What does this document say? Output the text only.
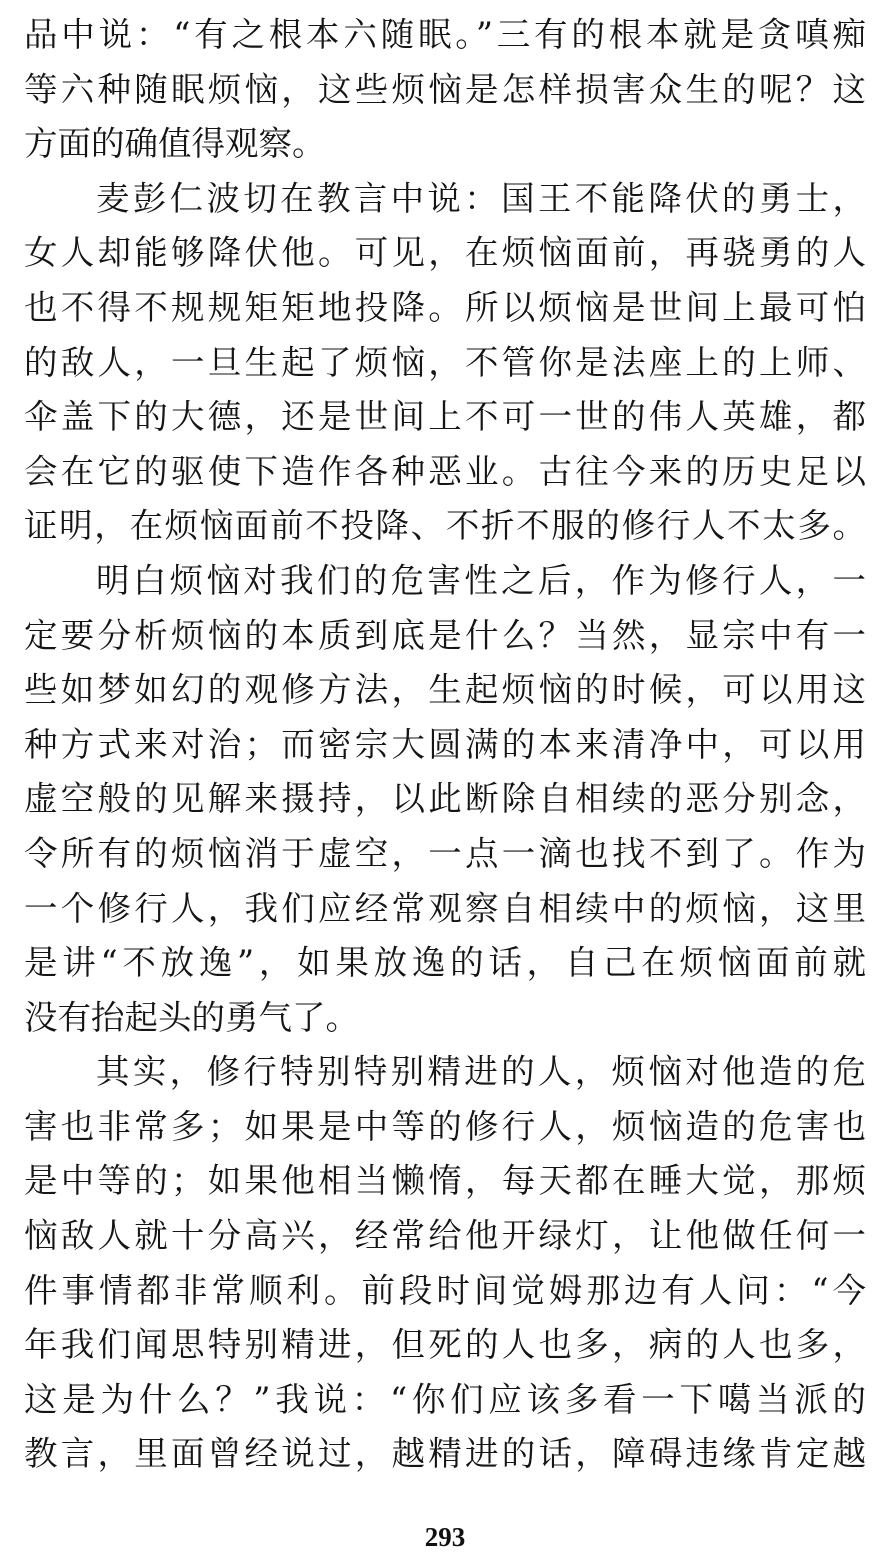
品中说：“有之根本六随眠。”三有的根本就是贪嗔痴
等六种随眠烦恼，这些烦恼是怎样损害众生的呢？这
方面的确值得观察。
麦彭仁波切在教言中说：国王不能降伏的勇士，
女人却能够降伏他。可见，在烦恼面前，再骁勇的人
也不得不规规矩矩地投降。所以烦恼是世间上最可怕
的敌人，一旦生起了烦恼，不管你是法座上的上师、
伞盖下的大德，还是世间上不可一世的伟人英雄，都
会在它的驱使下造作各种恶业。古往今来的历史足以
证明，在烦恼面前不投降、不折不服的修行人不太多。
明白烦恼对我们的危害性之后，作为修行人，一
定要分析烦恼的本质到底是什么？当然，显宗中有一
些如梦如幻的观修方法，生起烦恼的时候，可以用这
种方式来对治；而密宗大圆满的本来清净中，可以用
虚空般的见解来摄持，以此断除自相续的恶分别念，
令所有的烦恼消于虚空，一点一滴也找不到了。作为
一个修行人，我们应经常观察自相续中的烦恼，这里
是讲“不放逸”，如果放逸的话，自己在烦恼面前就
没有抬起头的勇气了。
其实，修行特别特别精进的人，烦恼对他造的危
害也非常多；如果是中等的修行人，烦恼造的危害也
是中等的；如果他相当懒惰，每天都在睡大觉，那烦
恼敌人就十分高兴，经常给他开绿灯，让他做任何一
件事情都非常顺利。前段时间觉姆那边有人问：“今
年我们闻思特别精进，但死的人也多，病的人也多，
这是为什么？”我说：“你们应该多看一下噶当派的
教言，里面曾经说过，越精进的话，障碍违缘肯定越
293
